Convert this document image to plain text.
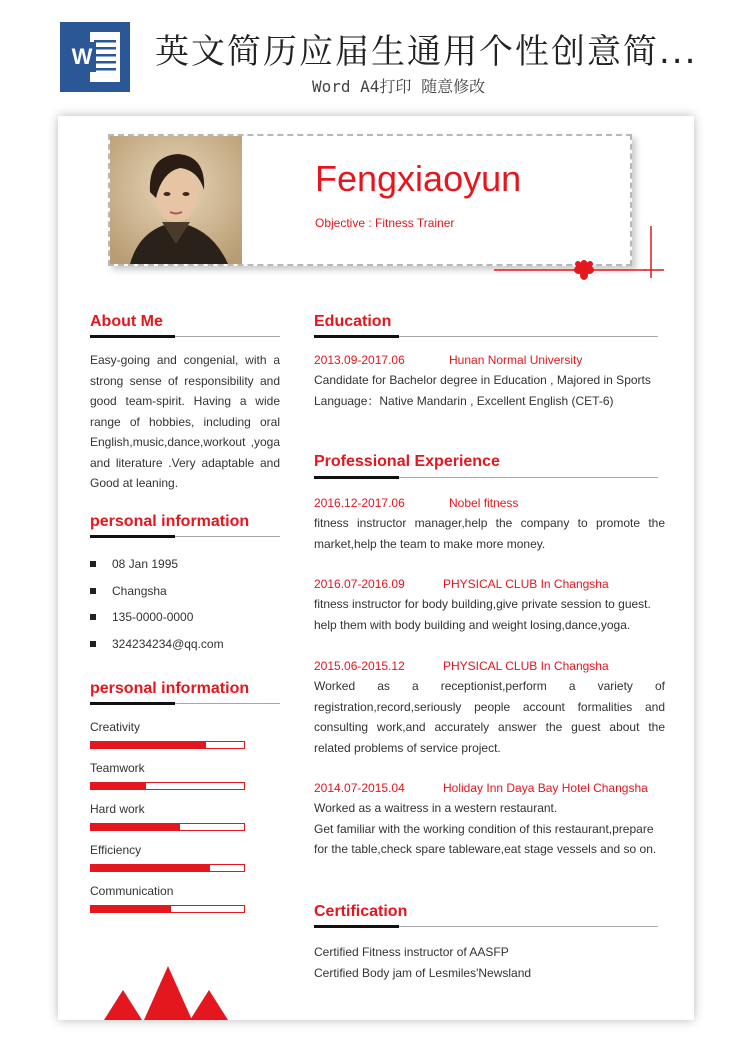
W 英文简历应届生通用个性创意简...
Word A4打印 随意修改
Fengxiaoyun
Objective : Fitness Trainer
About Me
Easy-going and congenial, with a strong sense of responsibility and good team-spirit. Having a wide range of hobbies, including oral English,music,dance,workout ,yoga and literature .Very adaptable and Good at leaning.
personal information
08 Jan 1995
Changsha
135-0000-0000
324234234@qq.com
personal information
Creativity
Teamwork
Hard work
Efficiency
Communication
Education
2013.09-2017.06	Hunan Normal University
Candidate for Bachelor degree in Education , Majored in Sports
Language：Native Mandarin , Excellent English (CET-6)
Professional Experience
2016.12-2017.06	Nobel fitness
fitness instructor manager,help the company to promote the market,help the team to make more money.
2016.07-2016.09	PHYSICAL CLUB In Changsha
fitness instructor for body building,give private session to guest. help them with body building and weight losing,dance,yoga.
2015.06-2015.12	PHYSICAL CLUB In Changsha
Worked as a receptionist,perform a variety of registration,record,seriously people account formalities and consulting work,and accurately answer the guest about the related problems of service project.
2014.07-2015.04	Holiday Inn Daya Bay Hotel Changsha
Worked as a waitress in a western restaurant.
Get familiar with the working condition of this restaurant,prepare for the table,check spare tableware,eat stage vessels and so on.
Certification
Certified Fitness instructor of AASFP
Certified Body jam of Lesmiles'Newsland
